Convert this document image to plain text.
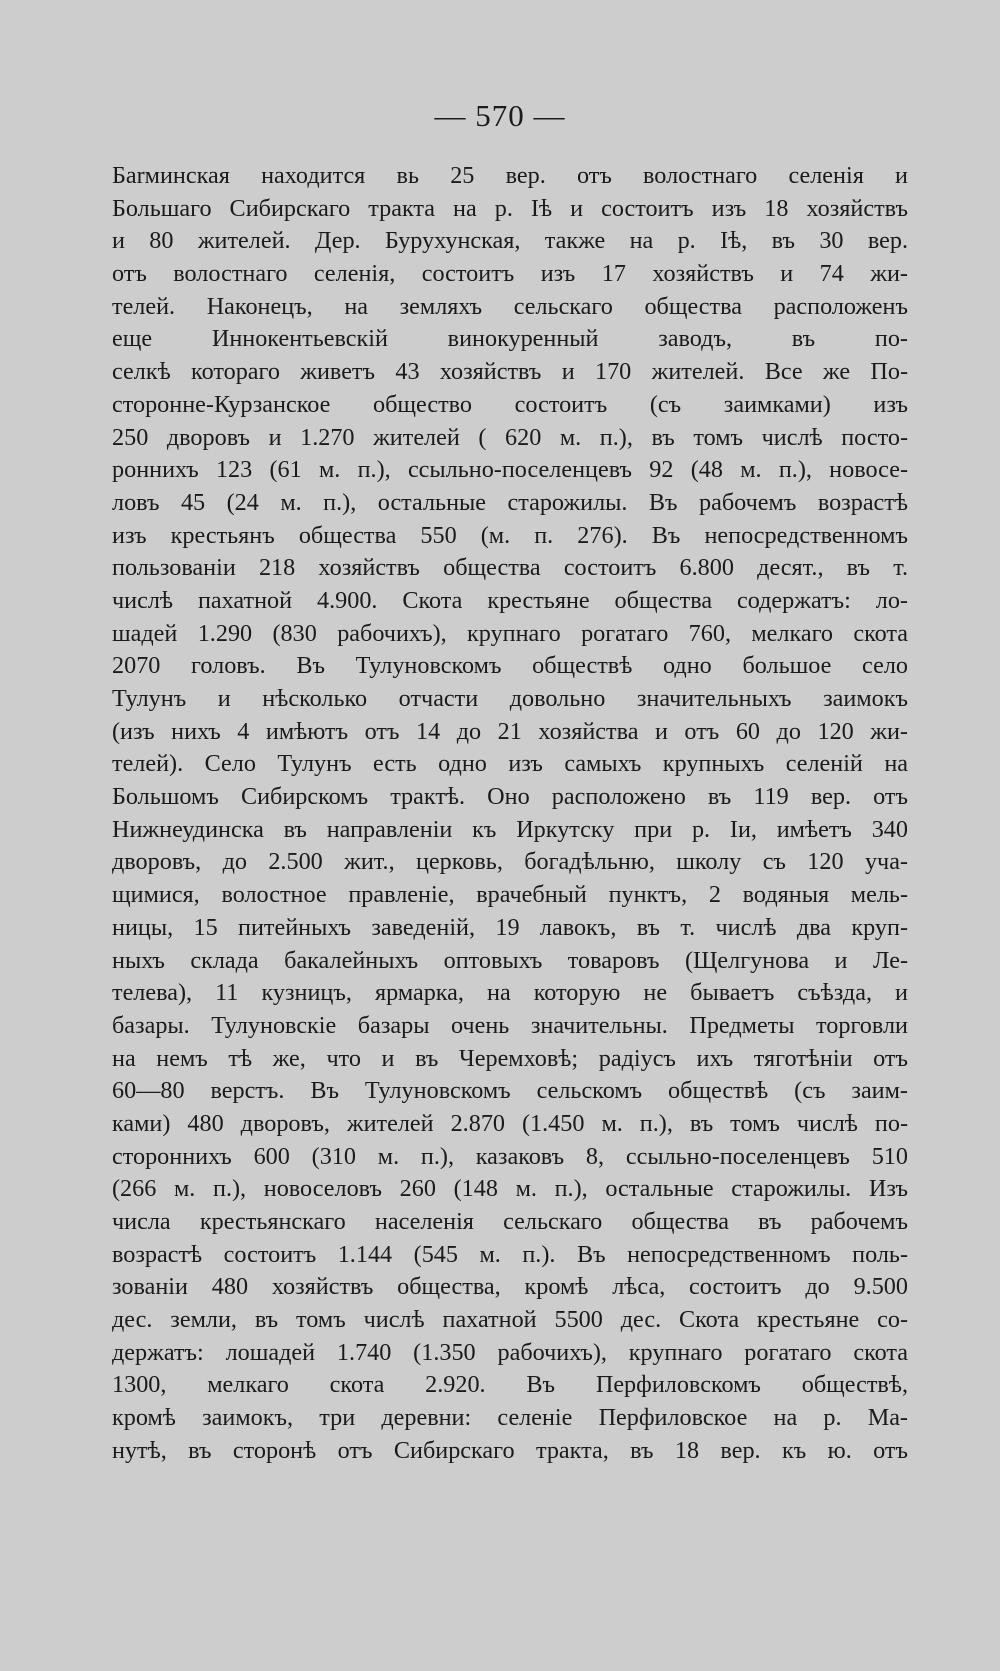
— 570 —
Бarминская находится вь 25 вер. отъ волостнаго селенія и
Большаго Сибирскаго тракта на р. Іѣ и состоитъ изъ 18 хозяйствъ
и 80 жителей. Дер. Бурухунская, также на р. Іѣ, въ 30 вер.
отъ волостнаго селенія, состоитъ изъ 17 хозяйствъ и 74 жи-
телей. Наконецъ, на земляхъ сельскаго общества расположенъ
еще Иннокентьевскій винокуренный заводъ, въ по-
селкѣ котораго живетъ 43 хозяйствъ и 170 жителей. Все же По-
сторонне-Курзанское общество состоитъ (съ заимками) изъ
250 дворовъ и 1.270 жителей ( 620 м. п.), въ томъ числѣ посто-
роннихъ 123 (61 м. п.), ссыльно-поселенцевъ 92 (48 м. п.), новосе-
ловъ 45 (24 м. п.), остальные старожилы. Въ рабочемъ возрастѣ
изъ крестьянъ общества 550 (м. п. 276). Въ непосредственномъ
пользованіи 218 хозяйствъ общества состоитъ 6.800 десят., въ т.
числѣ пахатной 4.900. Скота крестьяне общества содержатъ: ло-
шадей 1.290 (830 рабочихъ), крупнаго рогатаго 760, мелкаго скота
2070 головъ. Въ Тулуновскомъ обществѣ одно большое село
Тулунъ и нѣсколько отчасти довольно значительныхъ заимокъ
(изъ нихъ 4 имѣютъ отъ 14 до 21 хозяйства и отъ 60 до 120 жи-
телей). Село Тулунъ есть одно изъ самыхъ крупныхъ селеній на
Большомъ Сибирскомъ трактѣ. Оно расположено въ 119 вер. отъ
Нижнеудинска въ направленіи къ Иркутску при р. Іи, имѣетъ 340
дворовъ, до 2.500 жит., церковь, богадѣльню, школу съ 120 уча-
щимися, волостное правленіе, врачебный пунктъ, 2 водяныя мель-
ницы, 15 питейныхъ заведеній, 19 лавокъ, въ т. числѣ два круп-
ныхъ склада бакалейныхъ оптовыхъ товаровъ (Щелгунова и Ле-
телева), 11 кузницъ, ярмарка, на которую не бываетъ съѣзда, и
базары. Тулуновскіе базары очень значительны. Предметы торговли
на немъ тѣ же, что и въ Черемховѣ; радіусъ ихъ тяготѣніи отъ
60—80 верстъ. Въ Тулуновскомъ сельскомъ обществѣ (съ заим-
ками) 480 дворовъ, жителей 2.870 (1.450 м. п.), въ томъ числѣ по-
стороннихъ 600 (310 м. п.), казаковъ 8, ссыльно-поселенцевъ 510
(266 м. п.), новоселовъ 260 (148 м. п.), остальные старожилы. Изъ
числа крестьянскаго населенія сельскаго общества въ рабочемъ
возрастѣ состоитъ 1.144 (545 м. п.). Въ непосредственномъ поль-
зованіи 480 хозяйствъ общества, кромѣ лѣса, состоитъ до 9.500
дес. земли, въ томъ числѣ пахатной 5500 дес. Скота крестьяне со-
держатъ: лошадей 1.740 (1.350 рабочихъ), крупнаго рогатаго скота
1300, мелкаго скота 2.920. Въ Перфиловскомъ обществѣ,
кромѣ заимокъ, три деревни: селеніе Перфиловское на р. Ма-
нутѣ, въ сторонѣ отъ Сибирскаго тракта, въ 18 вер. къ ю. отъ
